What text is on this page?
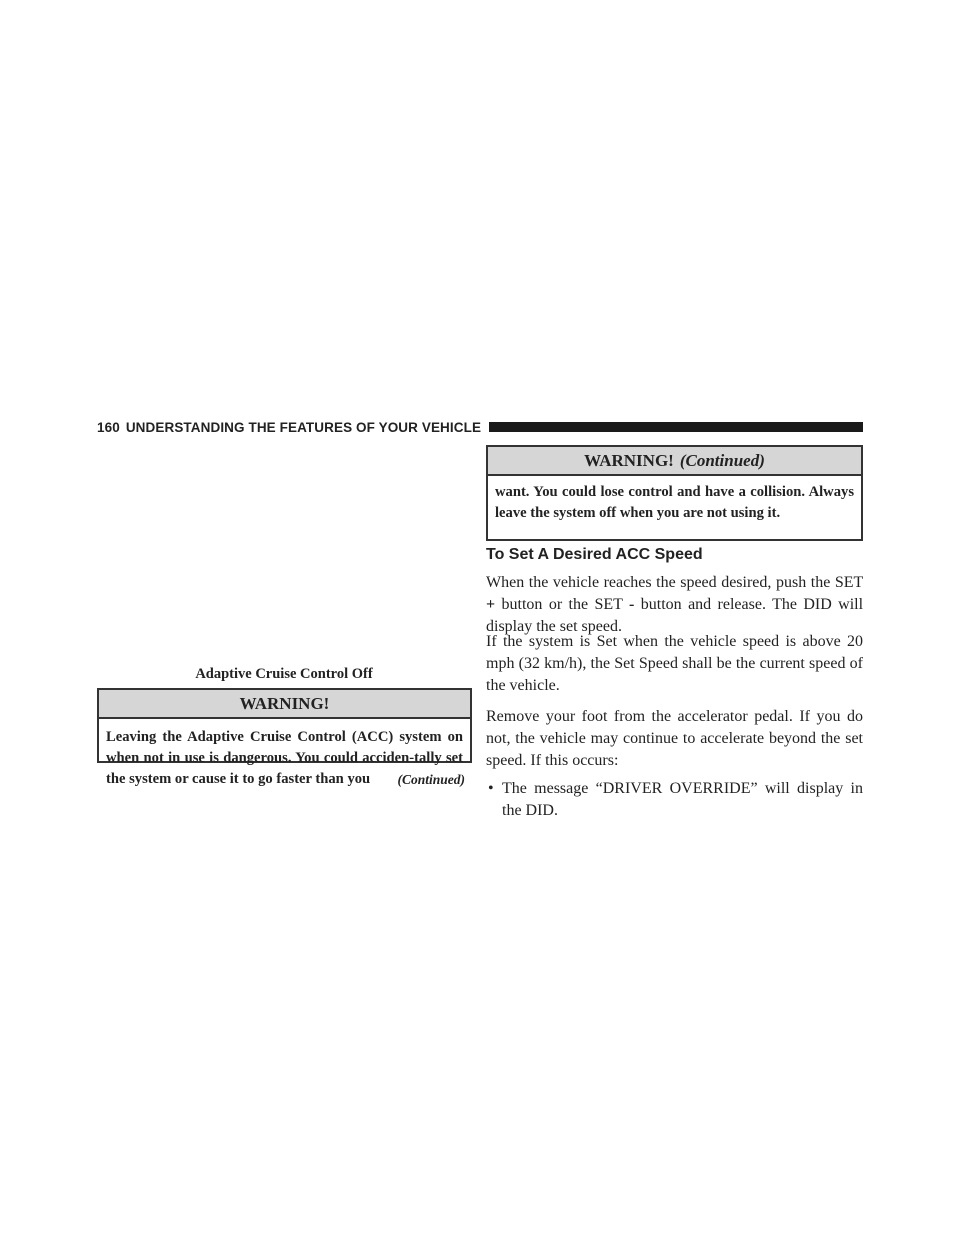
160 UNDERSTANDING THE FEATURES OF YOUR VEHICLE
Adaptive Cruise Control Off
WARNING!
Leaving the Adaptive Cruise Control (ACC) system on when not in use is dangerous. You could acciden-tally set the system or cause it to go faster than you	(Continued)
WARNING! (Continued)
want. You could lose control and have a collision. Always leave the system off when you are not using it.
To Set A Desired ACC Speed

When the vehicle reaches the speed desired, push the SET + button or the SET - button and release. The DID will display the set speed.

If the system is Set when the vehicle speed is above 20 mph (32 km/h), the Set Speed shall be the current speed of the vehicle.

Remove your foot from the accelerator pedal. If you do not, the vehicle may continue to accelerate beyond the set speed. If this occurs:

• The message “DRIVER OVERRIDE” will display in the DID.
